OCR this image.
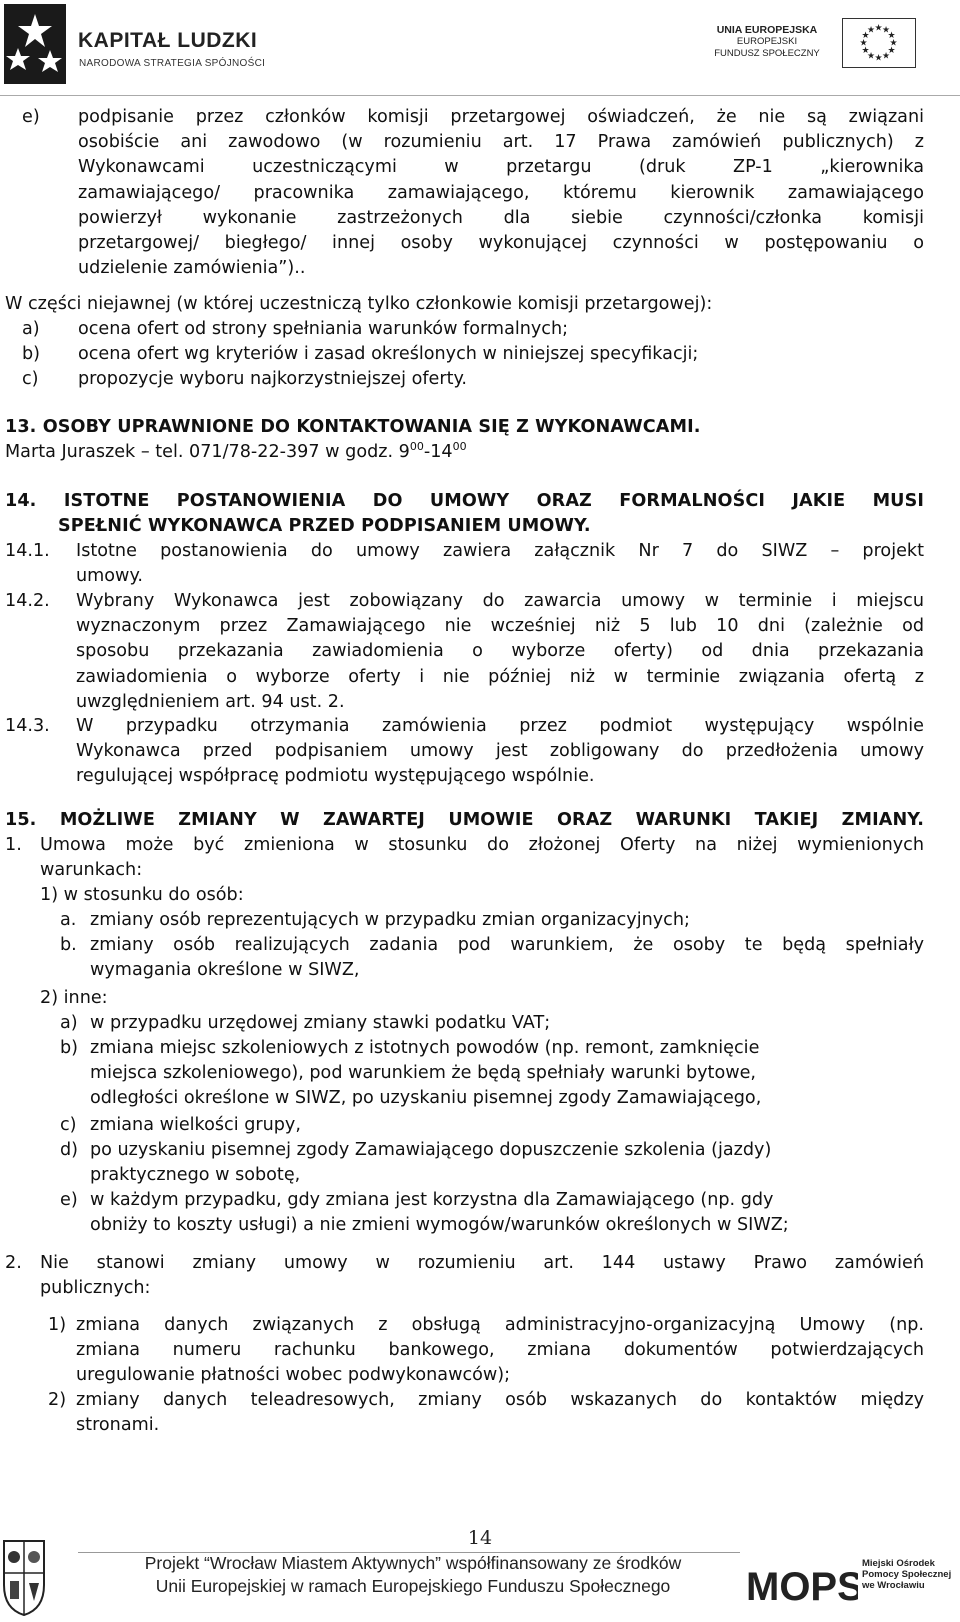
KAPITAŁ LUDZKI
NARODOWA STRATEGIA SPÓJNOŚCI
UNIA EUROPEJSKA
EUROPEJSKI
FUNDUSZ SPOŁECZNY
★
★
★
★
★
★
★
★
★ ★ ★
★
e) podpisanie przez członków komisji przetargowej oświadczeń, że nie są związani
osobiście ani zawodowo (w rozumieniu art. 17 Prawa zamówień publicznych) z
Wykonawcami uczestniczącymi w przetargu (druk ZP-1 „kierownika
zamawiającego/ pracownika zamawiającego, któremu kierownik zamawiającego
powierzył wykonanie zastrzeżonych dla siebie czynności/członka komisji
przetargowej/ biegłego/ innej osoby wykonującej czynności w postępowaniu o
udzielenie zamówienia”)..
W części niejawnej (w której uczestniczą tylko członkowie komisji przetargowej):
a) ocena ofert od strony spełniania warunków formalnych;
b) ocena ofert wg kryteriów i zasad określonych w niniejszej specyfikacji;
c) propozycje wyboru najkorzystniejszej oferty.
13. OSOBY UPRAWNIONE DO KONTAKTOWANIA SIĘ Z WYKONAWCAMI.
Marta Juraszek – tel. 071/78-22-397 w godz. $9^{00}-14^{00}$
14. ISTOTNE POSTANOWIENIA DO UMOWY ORAZ FORMALNOŚCI JAKIE MUSI
SPEŁNIĆ WYKONAWCA PRZED PODPISANIEM UMOWY.
14.1. Istotne postanowienia do umowy zawiera załącznik Nr 7 do SIWZ – projekt
umowy.
14.2. Wybrany Wykonawca jest zobowiązany do zawarcia umowy w terminie i miejscu
wyznaczonym przez Zamawiającego nie wcześniej niż 5 lub 10 dni (zależnie od
sposobu przekazania zawiadomienia o wyborze oferty) od dnia przekazania
zawiadomienia o wyborze oferty i nie później niż w terminie związania ofertą z
uwzględnieniem art. 94 ust. 2.
14.3. W przypadku otrzymania zamówienia przez podmiot występujący wspólnie
Wykonawca przed podpisaniem umowy jest zobligowany do przedłożenia umowy
regulującej współpracę podmiotu występującego wspólnie.
15. MOŻLIWE ZMIANY W ZAWARTEJ UMOWIE ORAZ WARUNKI TAKIEJ ZMIANY.
1. Umowa może być zmieniona w stosunku do złożonej Oferty na niżej wymienionych
warunkach:
1) w stosunku do osób:
a. zmiany osób reprezentujących w przypadku zmian organizacyjnych;
b. zmiany osób realizujących zadania pod warunkiem, że osoby te będą spełniały
wymagania określone w SIWZ,
2) inne:
a) w przypadku urzędowej zmiany stawki podatku VAT;
b) zmiana miejsc szkoleniowych z istotnych powodów (np. remont, zamknięcie
miejsca szkoleniowego), pod warunkiem że będą spełniały warunki bytowe,
odległości określone w SIWZ, po uzyskaniu pisemnej zgody Zamawiającego,
c) zmiana wielkości grupy,
d) po uzyskaniu pisemnej zgody Zamawiającego dopuszczenie szkolenia (jazdy)
praktycznego w sobotę,
e) w każdym przypadku, gdy zmiana jest korzystna dla Zamawiającego (np. gdy
obniży to koszty usługi) a nie zmieni wymogów/warunków określonych w SIWZ;
2. Nie stanowi zmiany umowy w rozumieniu art. 144 ustawy Prawo zamówień
publicznych:
1) zmiana danych związanych z obsługą administracyjno-organizacyjną Umowy (np.
zmiana numeru rachunku bankowego, zmiana dokumentów potwierdzających
uregulowanie płatności wobec podwykonawców);
2) zmiany danych teleadresowych, zmiany osób wskazanych do kontaktów między
stronami.
14
Projekt “Wrocław Miastem Aktywnych” współfinansowany ze środków
Unii Europejskiej w ramach Europejskiego Funduszu Społecznego	MOPS
Miejski Ośrodek
Pomocy Społecznej
we Wrocławiu
